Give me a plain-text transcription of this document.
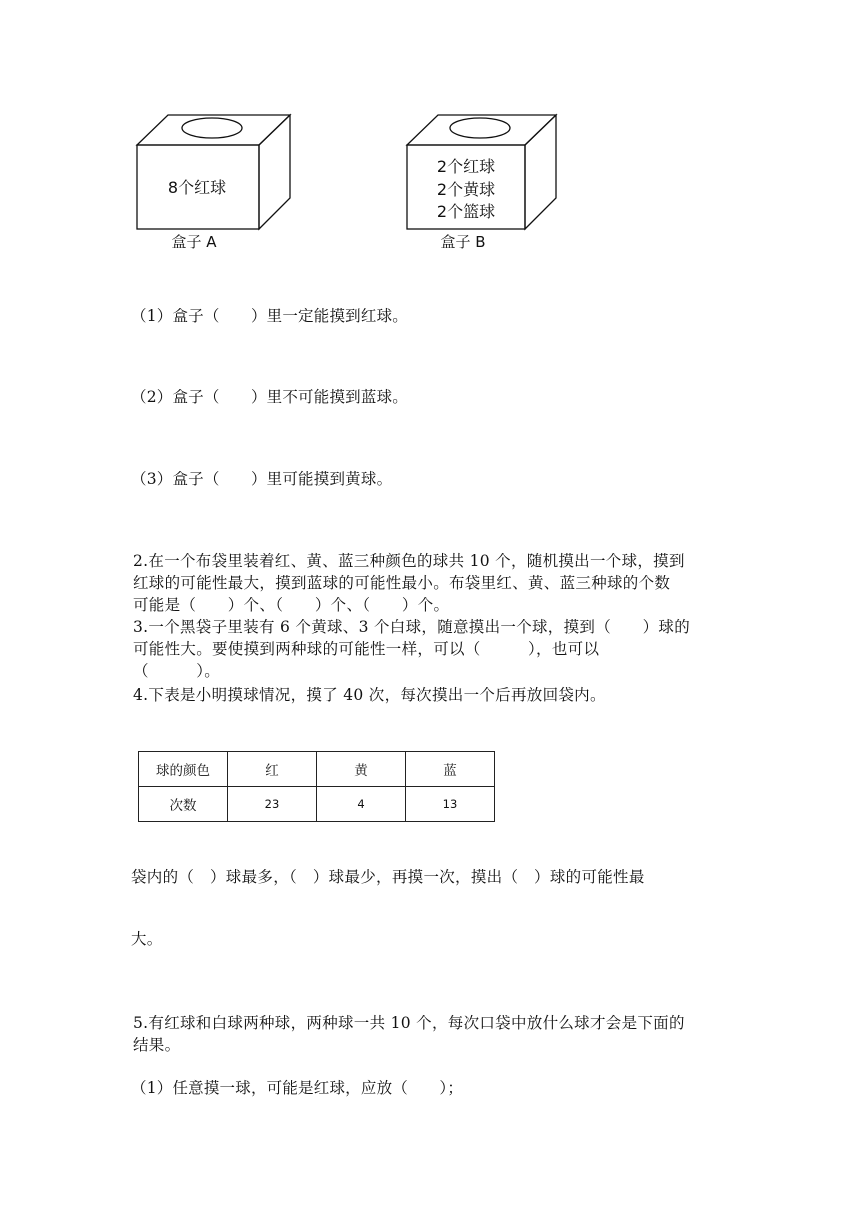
8个红球
盒子 A
2个红球
2个黄球
2个篮球
盒子 B
（1）盒子（　　）里一定能摸到红球。
（2）盒子（　　）里不可能摸到蓝球。
（3）盒子（　　）里可能摸到黄球。
2.在一个布袋里装着红、黄、蓝三种颜色的球共 10 个，随机摸出一个球，摸到
红球的可能性最大，摸到蓝球的可能性最小。布袋里红、黄、蓝三种球的个数
可能是（　　）个、（　　）个、（　　）个。
3.一个黑袋子里装有 6 个黄球、3 个白球，随意摸出一个球，摸到（　　）球的
可能性大。要使摸到两种球的可能性一样，可以（　　　），也可以
（　　　）。
4.下表是小明摸球情况，摸了 40 次，每次摸出一个后再放回袋内。
球的颜色	红	黄	蓝
次数	23	4	13
袋内的（　）球最多，（　）球最少，再摸一次，摸出（　）球的可能性最
大。
5.有红球和白球两种球，两种球一共 10 个，每次口袋中放什么球才会是下面的
结果。
（1）任意摸一球，可能是红球，应放（　　）；
